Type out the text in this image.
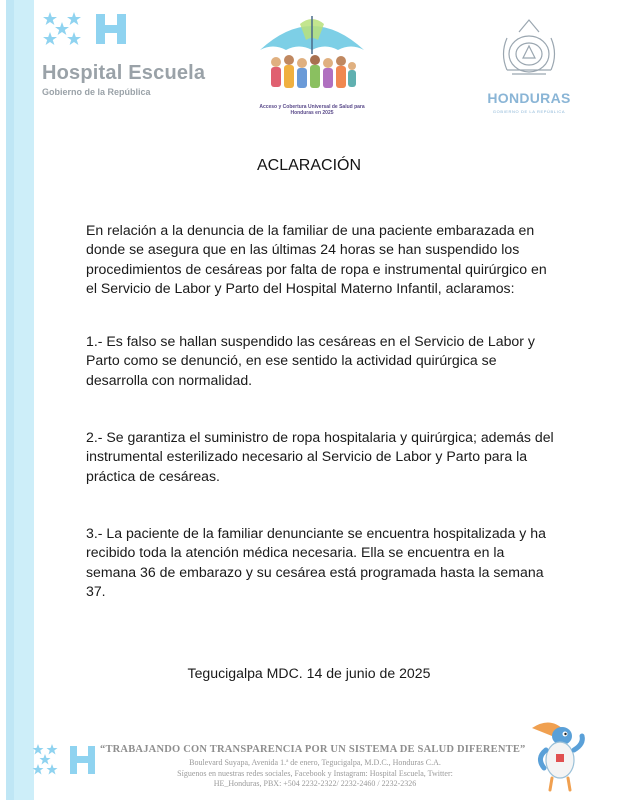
Hospital Escuela
Gobierno de la República
Acceso y Cobertura Universal de Salud para Honduras en 2025
HONDURAS
GOBIERNO DE LA REPÚBLICA
ACLARACIÓN

En relación a la denuncia de la familiar de una paciente embarazada en donde se asegura que en las últimas 24 horas se han suspendido los procedimientos de cesáreas por falta de ropa e instrumental quirúrgico en el Servicio de Labor y Parto del Hospital Materno Infantil, aclaramos:

1.- Es falso se hallan suspendido las cesáreas en el Servicio de Labor y Parto como se denunció, en ese sentido la actividad quirúrgica se desarrolla con normalidad.

2.- Se garantiza el suministro de ropa hospitalaria y quirúrgica; además del instrumental esterilizado necesario al Servicio de Labor y Parto para la práctica de cesáreas.

3.- La paciente de la familiar denunciante se encuentra hospitalizada y ha recibido toda la atención médica necesaria. Ella se encuentra en la semana 36 de embarazo y su cesárea está programada hasta la semana 37.

Tegucigalpa MDC. 14 de junio de 2025
“TRABAJANDO CON TRANSPARENCIA POR UN SISTEMA DE SALUD DIFERENTE”
Boulevard Suyapa, Avenida 1.ª de enero, Tegucigalpa, M.D.C., Honduras C.A.
Síguenos en nuestras redes sociales, Facebook y Instagram: Hospital Escuela, Twitter:
HE_Honduras, PBX: +504 2232-2322/ 2232-2460 / 2232-2326
